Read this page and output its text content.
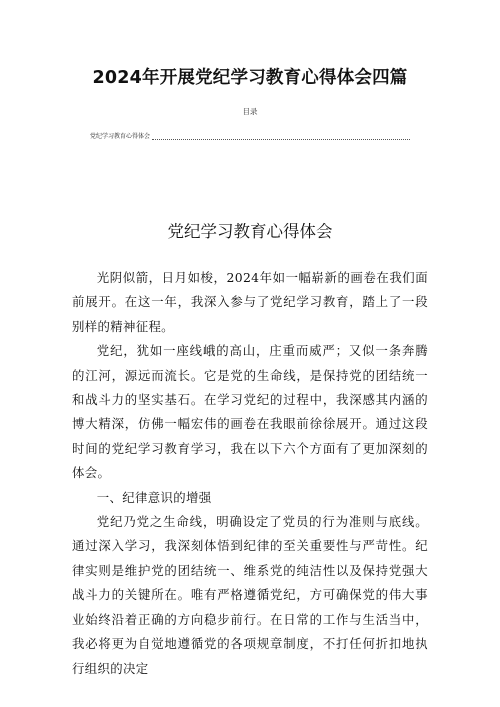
2024年开展党纪学习教育心得体会四篇
目录
党纪学习教育心得体会
党纪学习教育心得体会

光阴似箭，日月如梭，2024年如一幅崭新的画卷在我们面前展开。在这一年，我深入参与了党纪学习教育，踏上了一段别样的精神征程。

党纪，犹如一座线峨的高山，庄重而威严；又似一条奔腾的江河，源远而流长。它是党的生命线，是保持党的团结统一和战斗力的坚实基石。在学习党纪的过程中，我深感其内涵的博大精深，仿佛一幅宏伟的画卷在我眼前徐徐展开。通过这段时间的党纪学习教育学习，我在以下六个方面有了更加深刻的体会。

一、纪律意识的增强

党纪乃党之生命线，明确设定了党员的行为准则与底线。通过深入学习，我深刻体悟到纪律的至关重要性与严苛性。纪律实则是维护党的团结统一、维系党的纯洁性以及保持党强大战斗力的关键所在。唯有严格遵循党纪，方可确保党的伟大事业始终沿着正确的方向稳步前行。在日常的工作与生活当中，我必将更为自觉地遵循党的各项规章制度，不打任何折扣地执行组织的决定
